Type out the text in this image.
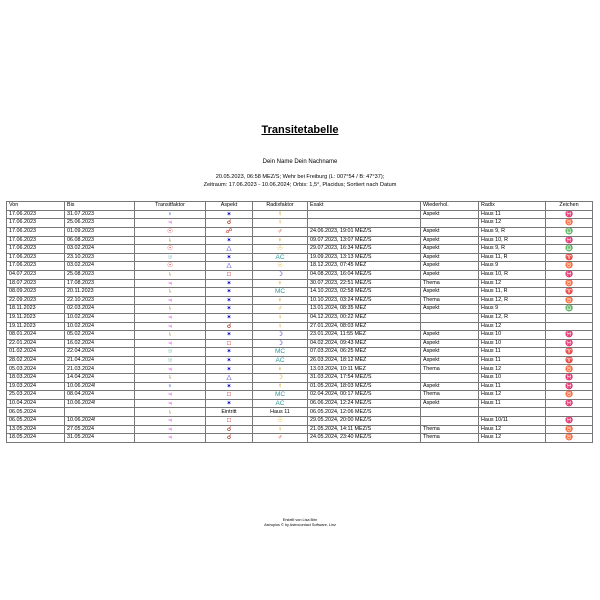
Transitetabelle
Dein Name Dein Nachname
20.05.2023, 06:58 MEZ/S; Wehr bei Freiburg (L: 007°54 / B: 47°37);
Zeitraum: 17.06.2023 - 10.06.2024; Orbis: 1,5°, Placidus; Sortiert nach Datum
Von	Bis	Transitfaktor	Aspekt	Radixfaktor	Exakt	Wiederhol.	Radix	Zeichen
17.06.2023	31.07.2023	♆	✶	☿		Aspekt	Haus 11	♓
17.06.2023	25.06.2023	♃	☌	♀			Haus 12	♉
17.06.2023	01.09.2023	☉	☍	♂	24.06.2023, 19:01 MEZ/S	Aspekt	Haus 9, R	♎
17.06.2023	06.08.2023	♄	✶	♆	09.07.2023, 13:07 MEZ/S	Aspekt	Haus 10, R	♓
17.06.2023	03.02.2024	☉	△	☉	29.07.2023, 16:34 MEZ/S	Aspekt	Haus 9, R	♎
17.06.2023	23.10.2023	♅	✶	AC	19.09.2023, 13:13 MEZ/S	Aspekt	Haus 11, R	♈
17.06.2023	03.02.2024	☉	△	☉	18.12.2023, 07:45 MEZ	Aspekt	Haus 9	♉
04.07.2023	25.08.2023	♄	□	☽	04.08.2023, 16:04 MEZ/S	Aspekt	Haus 10, R	♓
18.07.2023	17.08.2023	♃	✶	♆	30.07.2023, 22:51 MEZ/S	Thema	Haus 12	♉
08.09.2023	20.11.2023	♄	✶	MC	14.10.2023, 02:58 MEZ/S	Aspekt	Haus 11, R	♈
22.09.2023	22.10.2023	♃	✶	♆	10.10.2023, 03:24 MEZ/S	Thema	Haus 12, R	♉
18.11.2023	02.03.2024	♄	✶	♂	13.01.2024, 08:35 MEZ	Aspekt	Haus 9	♎
19.11.2023	10.02.2024	♃	✶	♀	04.12.2023, 00:22 MEZ		Haus 12, R	
19.11.2023	10.02.2024	♃	☌	♀	27.01.2024, 08:03 MEZ		Haus 12	
08.01.2024	05.02.2024	♄	✶	☽	23.01.2024, 11:55 MEZ	Aspekt	Haus 10	♓
22.01.2024	16.02.2024	♃	□	☽	04.02.2024, 09:43 MEZ	Aspekt	Haus 10	♓
01.02.2024	22.04.2024	♅	✶	MC	07.03.2024, 06:25 MEZ	Aspekt	Haus 11	♈
28.02.2024	21.04.2024	♅	✶	AC	26.03.2024, 18:12 MEZ	Aspekt	Haus 11	♈
05.03.2024	21.03.2024	♃	✶	♆	13.03.2024, 10:11 MEZ	Thema	Haus 12	♉
18.03.2024	14.04.2024	♄	△	☽	31.03.2024, 17:54 MEZ/S		Haus 10	♓
19.03.2024	10.06.2024!	♆	✶	☿	01.05.2024, 18:03 MEZ/S	Aspekt	Haus 11	♓
25.03.2024	08.04.2024	♃	□	MC	02.04.2024, 00:17 MEZ/S	Thema	Haus 12	♉
10.04.2024	10.06.2024!	♃	✶	AC	06.06.2024, 12:24 MEZ/S	Aspekt	Haus 11	♓
06.05.2024		♄	Eintritt	Haus 11	06.05.2024, 12:06 MEZ/S			
06.05.2024	10.06.2024!	♃	□	☉	29.05.2024, 20:00 MEZ/S		Haus 10/11	♓
13.05.2024	27.05.2024	♃	☌	♀	21.05.2024, 14:11 MEZ/S	Thema	Haus 12	♉
18.05.2024	31.05.2024	♃	☌	♂	24.05.2024, 23:40 MEZ/S	Thema	Haus 12	♉
Erstellt von Lisa Brin
Astroplus © by Astrocontact Software, Linz
